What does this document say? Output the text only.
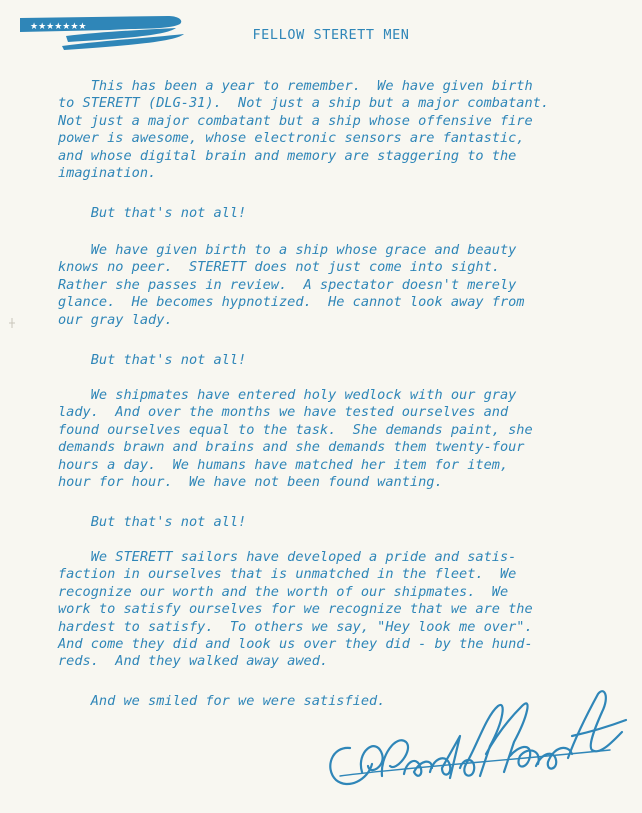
★★★★★★★	FELLOW STERETT MEN
This has been a year to remember.  We have given birth
to STERETT (DLG-31).  Not just a ship but a major combatant.
Not just a major combatant but a ship whose offensive fire
power is awesome, whose electronic sensors are fantastic,
and whose digital brain and memory are staggering to the
imagination.
But that's not all!
We have given birth to a ship whose grace and beauty
knows no peer.  STERETT does not just come into sight.
Rather she passes in review.  A spectator doesn't merely
glance.  He becomes hypnotized.  He cannot look away from
our gray lady.
But that's not all!
We shipmates have entered holy wedlock with our gray
lady.  And over the months we have tested ourselves and
found ourselves equal to the task.  She demands paint, she
demands brawn and brains and she demands them twenty-four
hours a day.  We humans have matched her item for item,
hour for hour.  We have not been found wanting.
But that's not all!
We STERETT sailors have developed a pride and satis-
faction in ourselves that is unmatched in the fleet.  We
recognize our worth and the worth of our shipmates.  We
work to satisfy ourselves for we recognize that we are the
hardest to satisfy.  To others we say, "Hey look me over".
And come they did and look us over they did - by the hund-
reds.  And they walked away awed.
And we smiled for we were satisfied.
